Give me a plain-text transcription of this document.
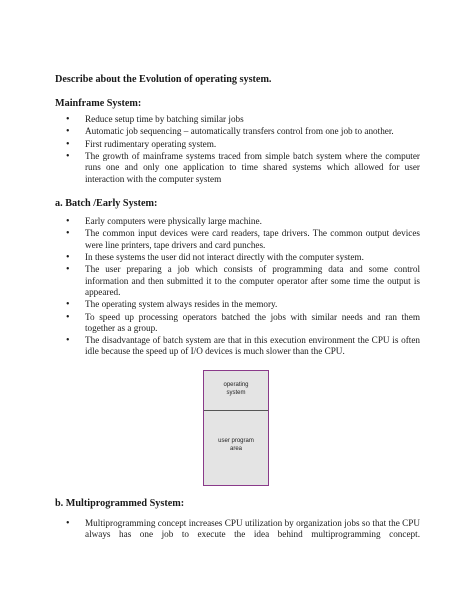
Describe about the Evolution of operating system.
Mainframe System:
• Reduce setup time by batching similar jobs
• Automatic job sequencing – automatically transfers control from one job to another.
• First rudimentary operating system.
• The growth of mainframe systems traced from simple batch system where the computer runs one and only one application to time shared systems which allowed for user interaction with the computer system
a. Batch /Early System:
• Early computers were physically large machine.
• The common input devices were card readers, tape drivers. The common output devices were line printers, tape drivers and card punches.
• In these systems the user did not interact directly with the computer system.
• The user preparing a job which consists of programming data and some control information and then submitted it to the computer operator after some time the output is appeared.
• The operating system always resides in the memory.
• To speed up processing operators batched the jobs with similar needs and ran them together as a group.
• The disadvantage of batch system are that in this execution environment the CPU is often idle because the speed up of I/O devices is much slower than the CPU.
operating
system
user program
area
b. Multiprogrammed System:
• Multiprogramming concept increases CPU utilization by organization jobs so that the CPU always has one job to execute the idea behind multiprogramming concept.
